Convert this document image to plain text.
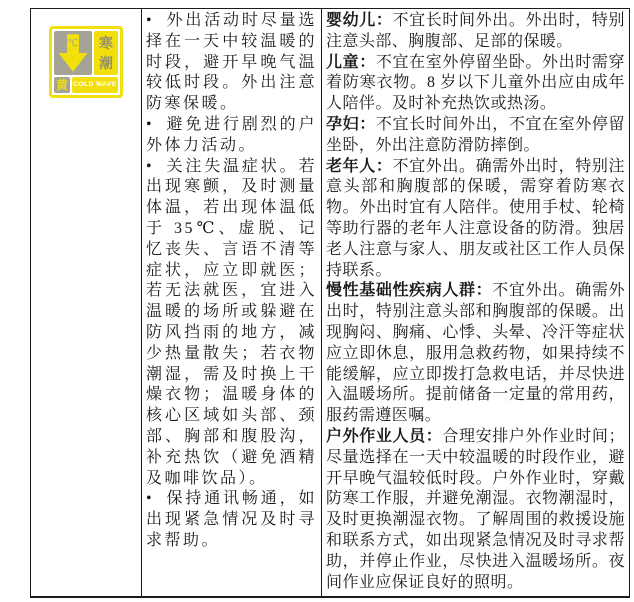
℃ 寒
潮
黄 COLD WAVE

• 外出活动时尽量选择在一天中较温暖的时段，避开早晚气温较低时段。外出注意防寒保暖。

• 避免进行剧烈的户外体力活动。

• 关注失温症状。若出现寒颤，及时测量体温，若出现体温低于 35℃、虚脱、记忆丧失、言语不清等症状，应立即就医；若无法就医，宜进入温暖的场所或躲避在防风挡雨的地方，减少热量散失；若衣物潮湿，需及时换上干燥衣物；温暖身体的核心区域如头部、颈部、胸部和腹股沟，补充热饮（避免酒精及咖啡饮品）。

• 保持通讯畅通，如出现紧急情况及时寻求帮助。

婴幼儿：不宜长时间外出。外出时，特别注意头部、胸腹部、足部的保暖。

儿童：不宜在室外停留坐卧。外出时需穿着防寒衣物。8 岁以下儿童外出应由成年人陪伴。及时补充热饮或热汤。

孕妇：不宜长时间外出，不宜在室外停留坐卧，外出注意防滑防摔倒。

老年人：不宜外出。确需外出时，特别注意头部和胸腹部的保暖，需穿着防寒衣物。外出时宜有人陪伴。使用手杖、轮椅等助行器的老年人注意设备的防滑。独居老人注意与家人、朋友或社区工作人员保持联系。

慢性基础性疾病人群：不宜外出。确需外出时，特别注意头部和胸腹部的保暖。出现胸闷、胸痛、心悸、头晕、冷汗等症状应立即休息，服用急救药物，如果持续不能缓解，应立即拨打急救电话，并尽快进入温暖场所。提前储备一定量的常用药，服药需遵医嘱。

户外作业人员：合理安排户外作业时间；尽量选择在一天中较温暖的时段作业，避开早晚气温较低时段。户外作业时，穿戴防寒工作服，并避免潮湿。衣物潮湿时，及时更换潮湿衣物。了解周围的救援设施和联系方式，如出现紧急情况及时寻求帮助，并停止作业，尽快进入温暖场所。夜间作业应保证良好的照明。
